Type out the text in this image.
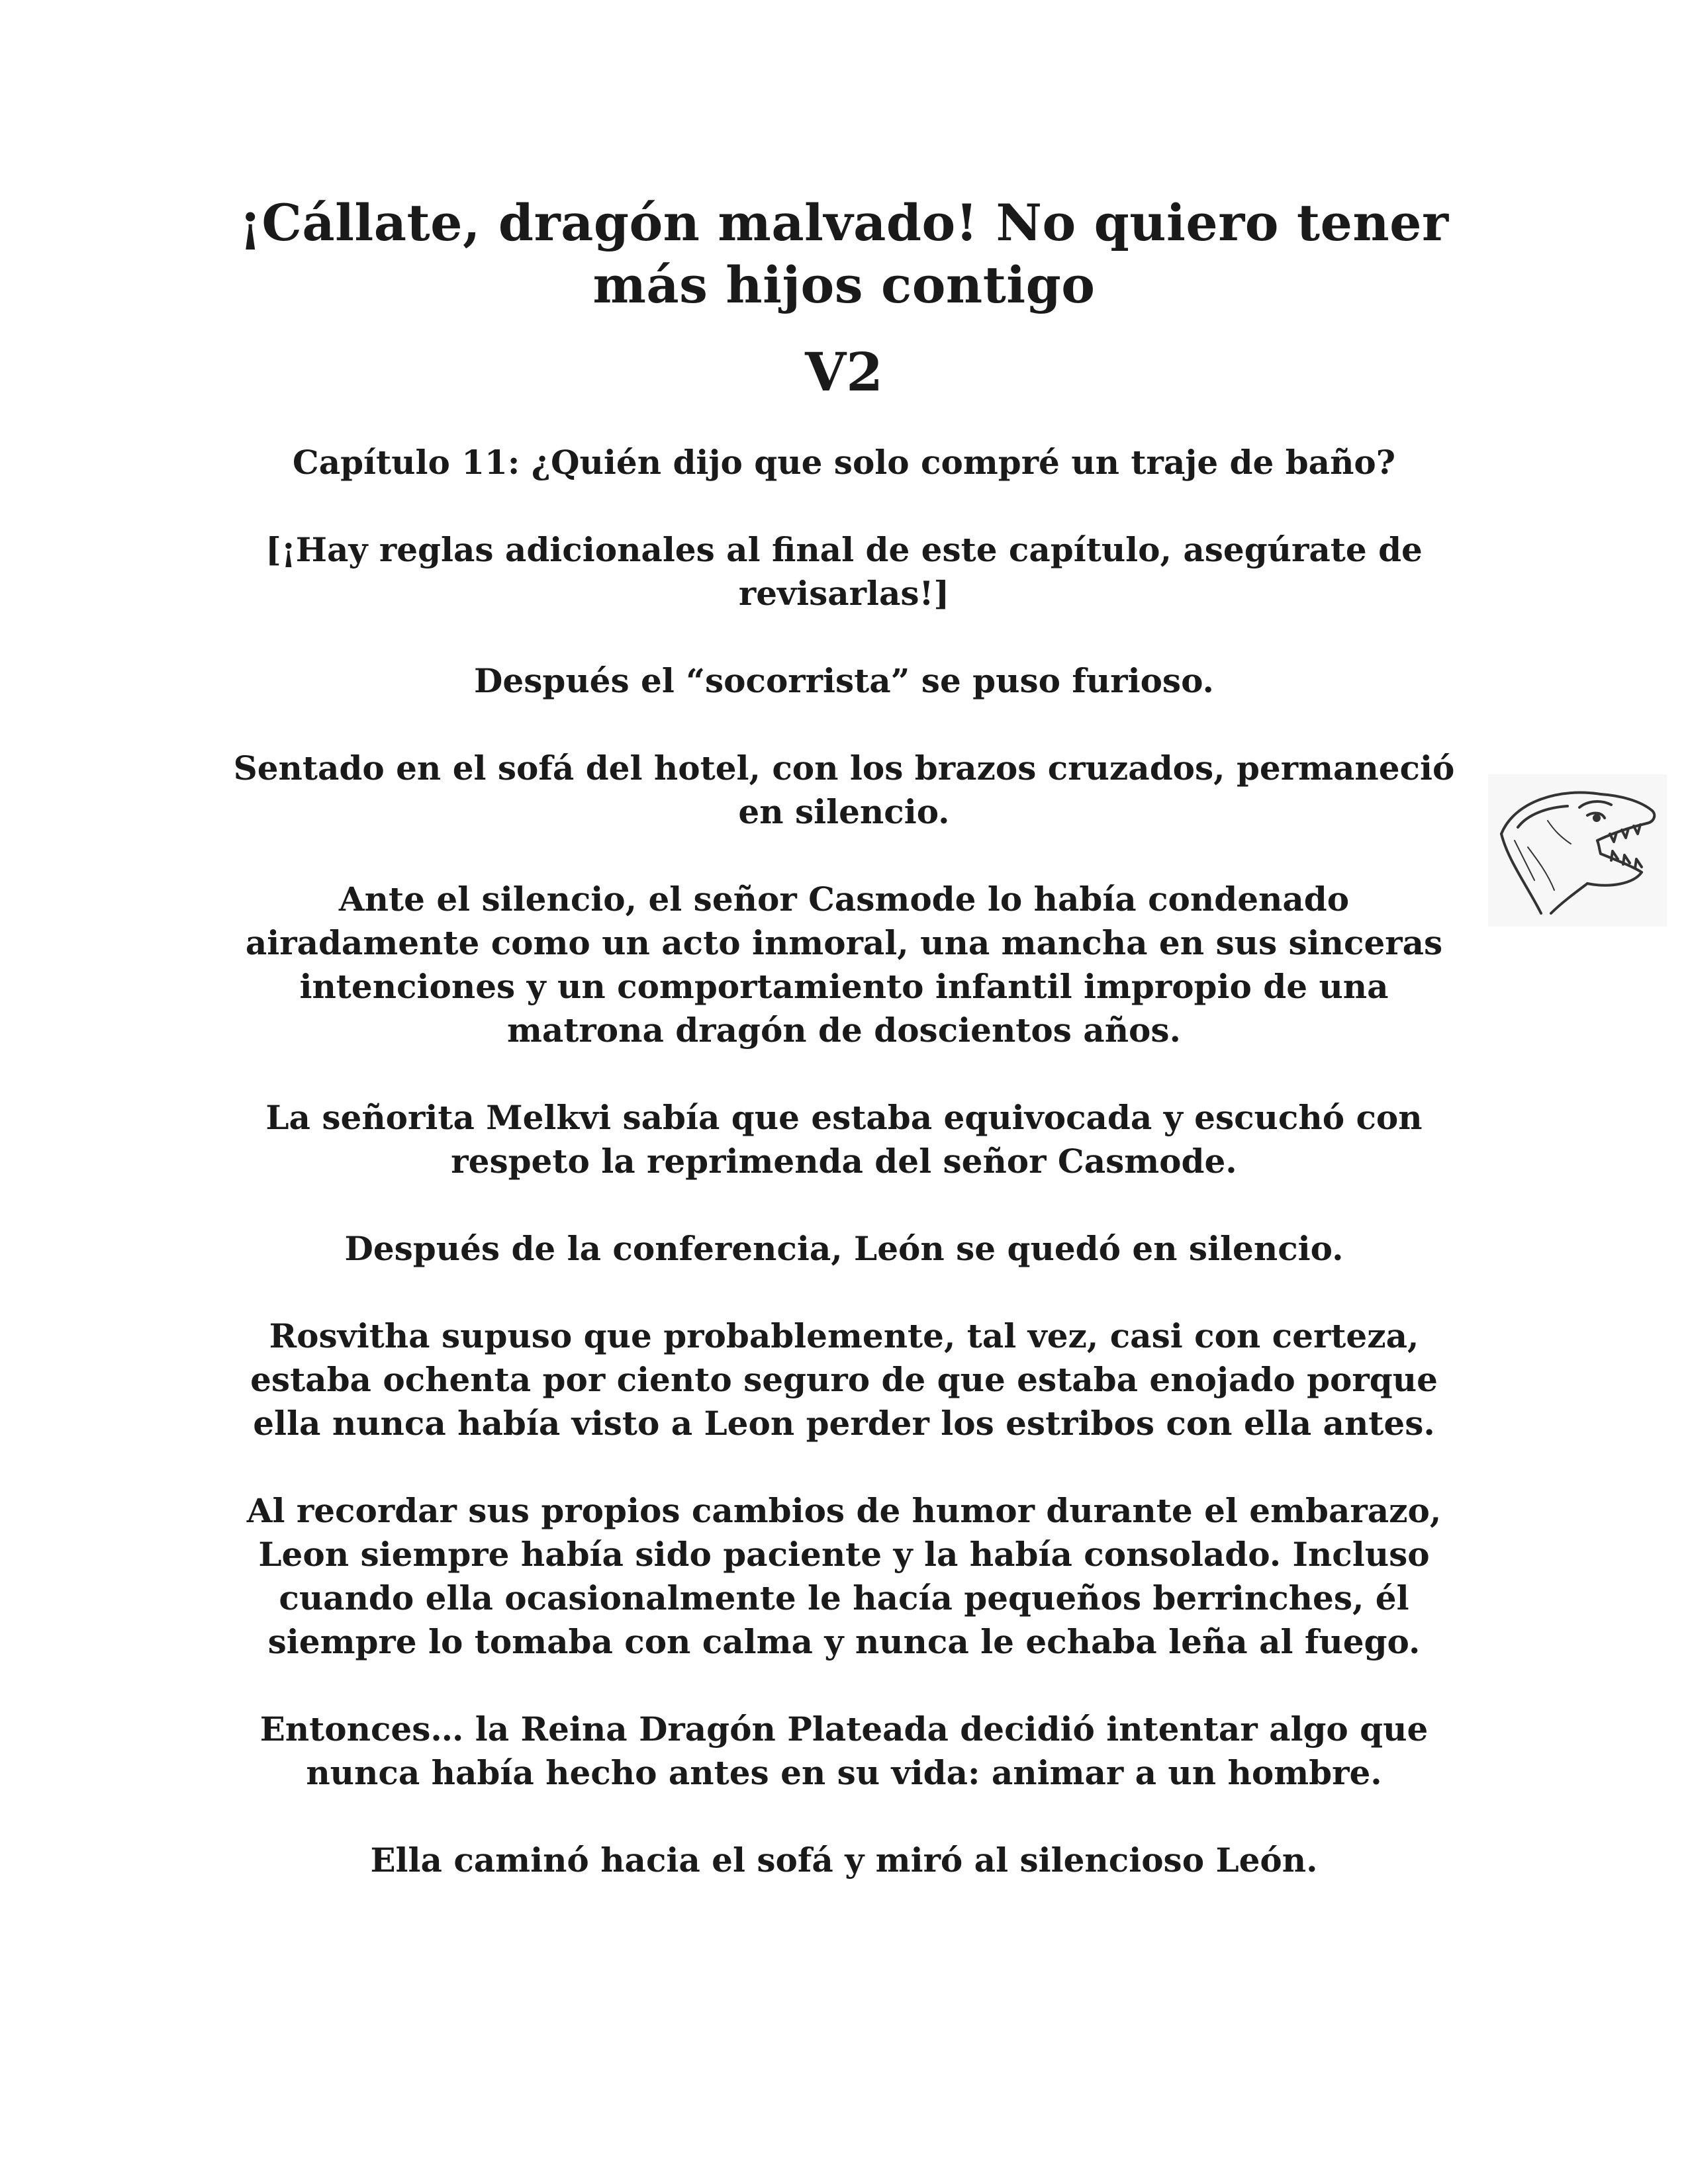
¡Cállate, dragón malvado! No quiero tener más hijos contigo
V2
Capítulo 11: ¿Quién dijo que solo compré un traje de baño?

[¡Hay reglas adicionales al final de este capítulo, asegúrate de revisarlas!]

Después el “socorrista” se puso furioso.

Sentado en el sofá del hotel, con los brazos cruzados, permaneció en silencio.

Ante el silencio, el señor Casmode lo había condenado airadamente como un acto inmoral, una mancha en sus sinceras intenciones y un comportamiento infantil impropio de una matrona dragón de doscientos años.

La señorita Melkvi sabía que estaba equivocada y escuchó con respeto la reprimenda del señor Casmode.

Después de la conferencia, León se quedó en silencio.

Rosvitha supuso que probablemente, tal vez, casi con certeza, estaba ochenta por ciento seguro de que estaba enojado porque ella nunca había visto a Leon perder los estribos con ella antes.

Al recordar sus propios cambios de humor durante el embarazo, Leon siempre había sido paciente y la había consolado. Incluso cuando ella ocasionalmente le hacía pequeños berrinches, él siempre lo tomaba con calma y nunca le echaba leña al fuego.

Entonces… la Reina Dragón Plateada decidió intentar algo que nunca había hecho antes en su vida: animar a un hombre.

Ella caminó hacia el sofá y miró al silencioso León.
